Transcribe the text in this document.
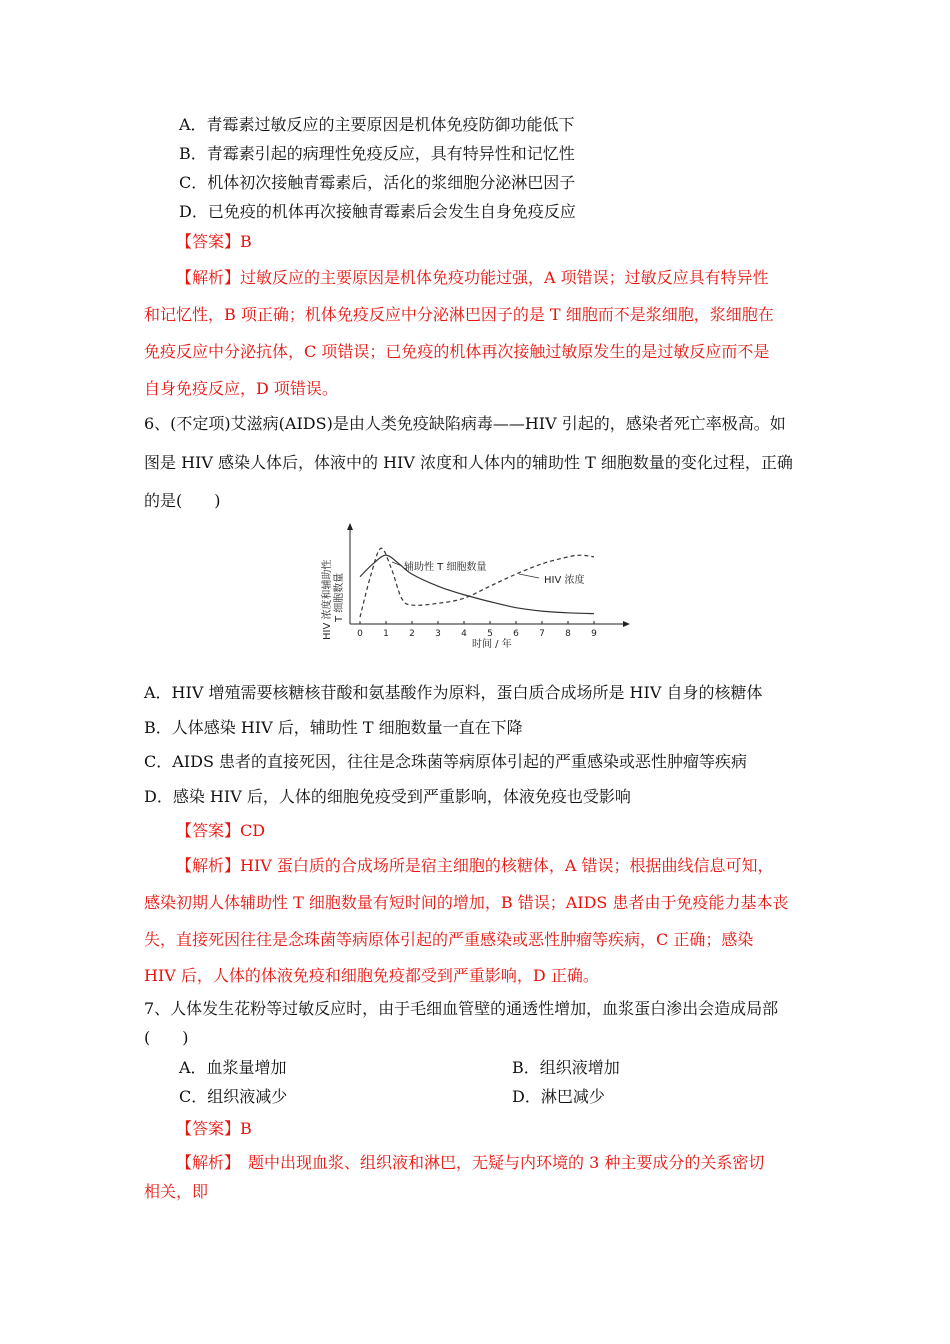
A．青霉素过敏反应的主要原因是机体免疫防御功能低下
B．青霉素引起的病理性免疫反应，具有特异性和记忆性
C．机体初次接触青霉素后，活化的浆细胞分泌淋巴因子
D．已免疫的机体再次接触青霉素后会发生自身免疫反应
【答案】B
【解析】过敏反应的主要原因是机体免疫功能过强，A 项错误；过敏反应具有特异性
和记忆性，B 项正确；机体免疫反应中分泌淋巴因子的是 T 细胞而不是浆细胞，浆细胞在
免疫反应中分泌抗体，C 项错误；已免疫的机体再次接触过敏原发生的是过敏反应而不是
自身免疫反应，D 项错误。
6、(不定项)艾滋病(AIDS)是由人类免疫缺陷病毒——HIV 引起的，感染者死亡率极高。如
图是 HIV 感染人体后，体液中的 HIV 浓度和人体内的辅助性 T 细胞数量的变化过程，正确
的是(　　)
HIV 浓度和辅助性 T 细胞数量
0 1 2 3 4 5 6 7 8 9
辅助性 T 细胞数量
HIV 浓度
时间 / 年
A．HIV 增殖需要核糖核苷酸和氨基酸作为原料，蛋白质合成场所是 HIV 自身的核糖体
B．人体感染 HIV 后，辅助性 T 细胞数量一直在下降
C．AIDS 患者的直接死因，往往是念珠菌等病原体引起的严重感染或恶性肿瘤等疾病
D．感染 HIV 后，人体的细胞免疫受到严重影响，体液免疫也受影响
【答案】CD
【解析】HIV 蛋白质的合成场所是宿主细胞的核糖体，A 错误；根据曲线信息可知，
感染初期人体辅助性 T 细胞数量有短时间的增加，B 错误；AIDS 患者由于免疫能力基本丧
失，直接死因往往是念珠菌等病原体引起的严重感染或恶性肿瘤等疾病，C 正确；感染
HIV 后，人体的体液免疫和细胞免疫都受到严重影响，D 正确。
7、人体发生花粉等过敏反应时，由于毛细血管壁的通透性增加，血浆蛋白渗出会造成局部
(　　)
A．血浆量增加	B．组织液增加
C．组织液减少	D．淋巴减少
【答案】B
【解析】　题中出现血浆、组织液和淋巴，无疑与内环境的 3 种主要成分的关系密切
相关，即
